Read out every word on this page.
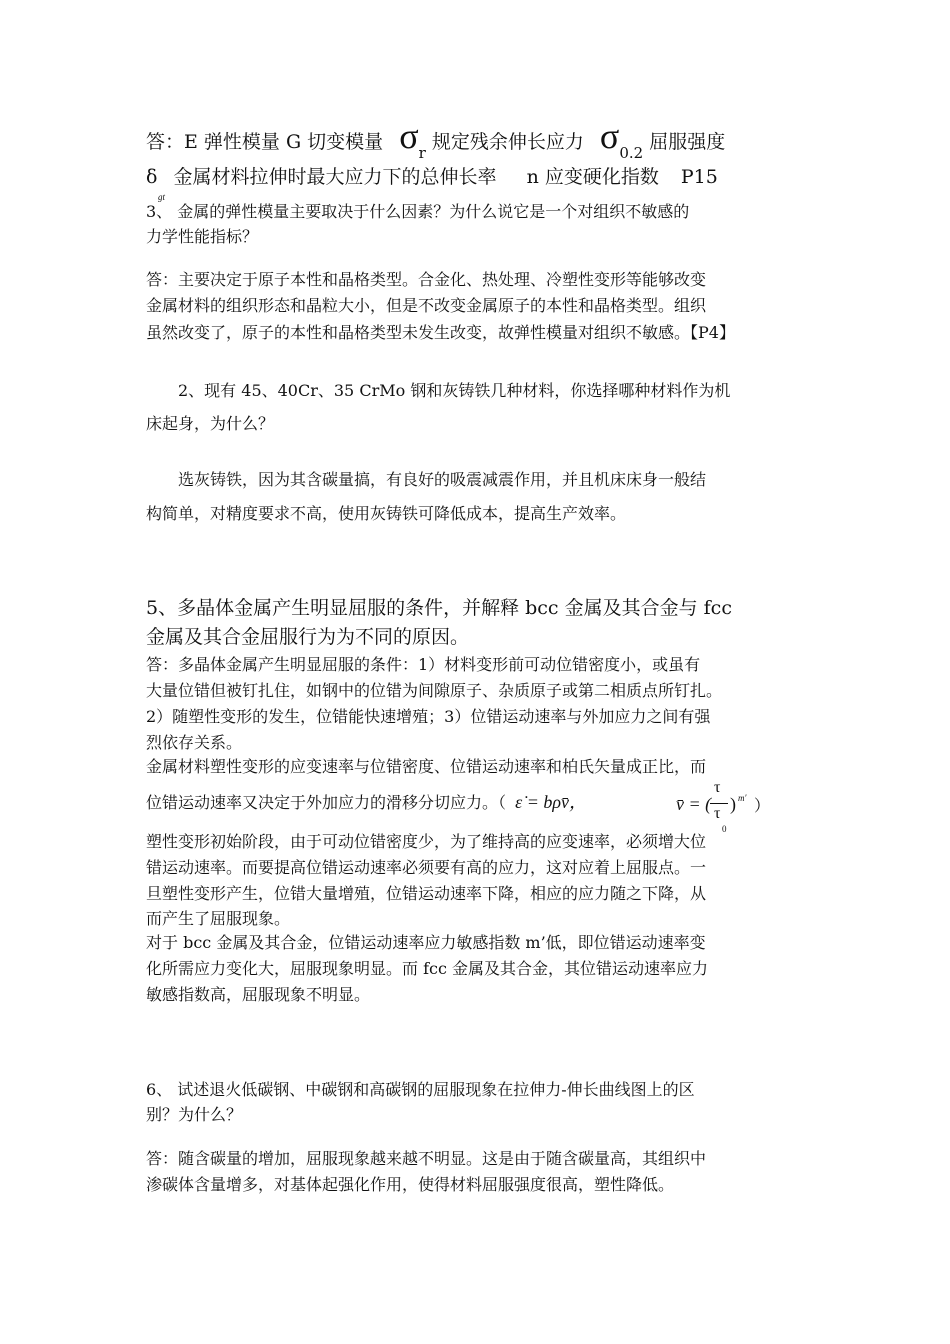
答：E 弹性模量 G 切变模量 $\sigma_r$ 规定残余伸长应力 $\sigma_{0.2}$ 屈服强度
δ 金属材料拉伸时最大应力下的总伸长率 n 应变硬化指数 P15
gt
3、 金属的弹性模量主要取决于什么因素？为什么说它是一个对组织不敏感的
力学性能指标？
答：主要决定于原子本性和晶格类型。合金化、热处理、冷塑性变形等能够改变
金属材料的组织形态和晶粒大小，但是不改变金属原子的本性和晶格类型。组织
虽然改变了，原子的本性和晶格类型未发生改变，故弹性模量对组织不敏感。【P4】
2、现有 45、40Cr、35 CrMo 钢和灰铸铁几种材料，你选择哪种材料作为机
床起身，为什么？
选灰铸铁，因为其含碳量搞，有良好的吸震减震作用，并且机床床身一般结
构简单，对精度要求不高，使用灰铸铁可降低成本，提高生产效率。
5、多晶体金属产生明显屈服的条件，并解释 bcc 金属及其合金与 fcc
金属及其合金屈服行为为不同的原因。
答：多晶体金属产生明显屈服的条件：1）材料变形前可动位错密度小，或虽有
大量位错但被钉扎住，如钢中的位错为间隙原子、杂质原子或第二相质点所钉扎。
2）随塑性变形的发生，位错能快速增殖；3）位错运动速率与外加应力之间有强
烈依存关系。
金属材料塑性变形的应变速率与位错密度、位错运动速率和柏氏矢量成正比，而
位错运动速率又决定于外加应力的滑移分切应力。（ ε̇ = bρv̄，	v̄ = (
τ
τ ) m′ ）
0
塑性变形初始阶段，由于可动位错密度少，为了维持高的应变速率，必须增大位
错运动速率。而要提高位错运动速率必须要有高的应力，这对应着上屈服点。一
旦塑性变形产生，位错大量增殖，位错运动速率下降，相应的应力随之下降，从
而产生了屈服现象。
对于 bcc 金属及其合金，位错运动速率应力敏感指数 m’低，即位错运动速率变
化所需应力变化大，屈服现象明显。而 fcc 金属及其合金，其位错运动速率应力
敏感指数高，屈服现象不明显。
6、 试述退火低碳钢、中碳钢和高碳钢的屈服现象在拉伸力-伸长曲线图上的区
别？为什么？
答：随含碳量的增加，屈服现象越来越不明显。这是由于随含碳量高，其组织中
渗碳体含量增多，对基体起强化作用，使得材料屈服强度很高，塑性降低。
